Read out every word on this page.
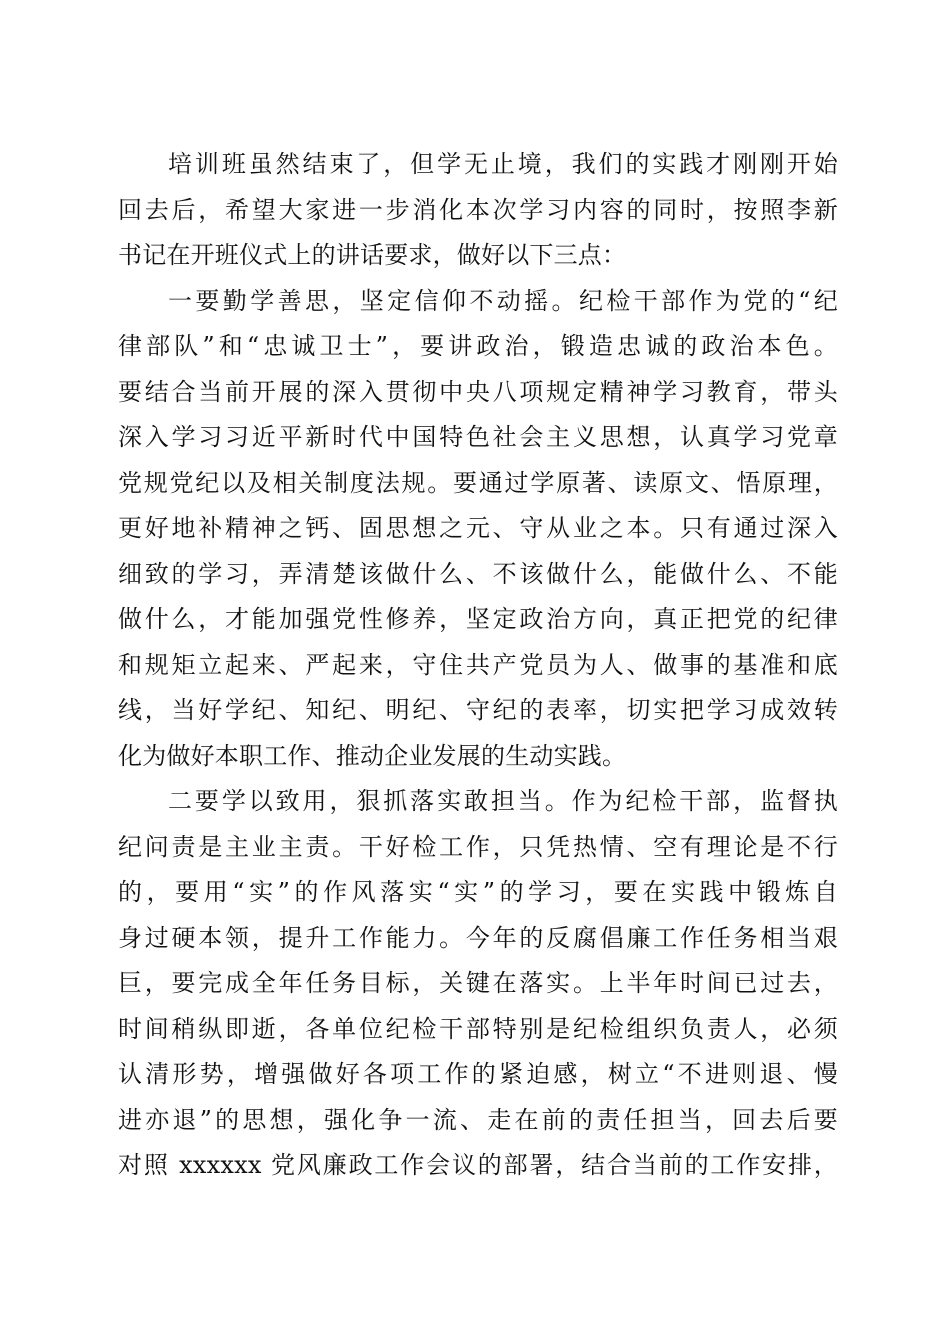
培训班虽然结束了，但学无止境，我们的实践才刚刚开始
回去后，希望大家进一步消化本次学习内容的同时，按照李新
书记在开班仪式上的讲话要求，做好以下三点：
一要勤学善思，坚定信仰不动摇。纪检干部作为党的“纪
律部队”和“忠诚卫士”，要讲政治，锻造忠诚的政治本色。
要结合当前开展的深入贯彻中央八项规定精神学习教育，带头
深入学习习近平新时代中国特色社会主义思想，认真学习党章
党规党纪以及相关制度法规。要通过学原著、读原文、悟原理，
更好地补精神之钙、固思想之元、守从业之本。只有通过深入
细致的学习，弄清楚该做什么、不该做什么，能做什么、不能
做什么，才能加强党性修养，坚定政治方向，真正把党的纪律
和规矩立起来、严起来，守住共产党员为人、做事的基准和底
线，当好学纪、知纪、明纪、守纪的表率，切实把学习成效转
化为做好本职工作、推动企业发展的生动实践。
二要学以致用，狠抓落实敢担当。作为纪检干部，监督执
纪问责是主业主责。干好检工作，只凭热情、空有理论是不行
的，要用“实”的作风落实“实”的学习，要在实践中锻炼自
身过硬本领，提升工作能力。今年的反腐倡廉工作任务相当艰
巨，要完成全年任务目标，关键在落实。上半年时间已过去，
时间稍纵即逝，各单位纪检干部特别是纪检组织负责人，必须
认清形势，增强做好各项工作的紧迫感，树立“不进则退、慢
进亦退”的思想，强化争一流、走在前的责任担当，回去后要
对照 xxxxxx 党风廉政工作会议的部署，结合当前的工作安排，
